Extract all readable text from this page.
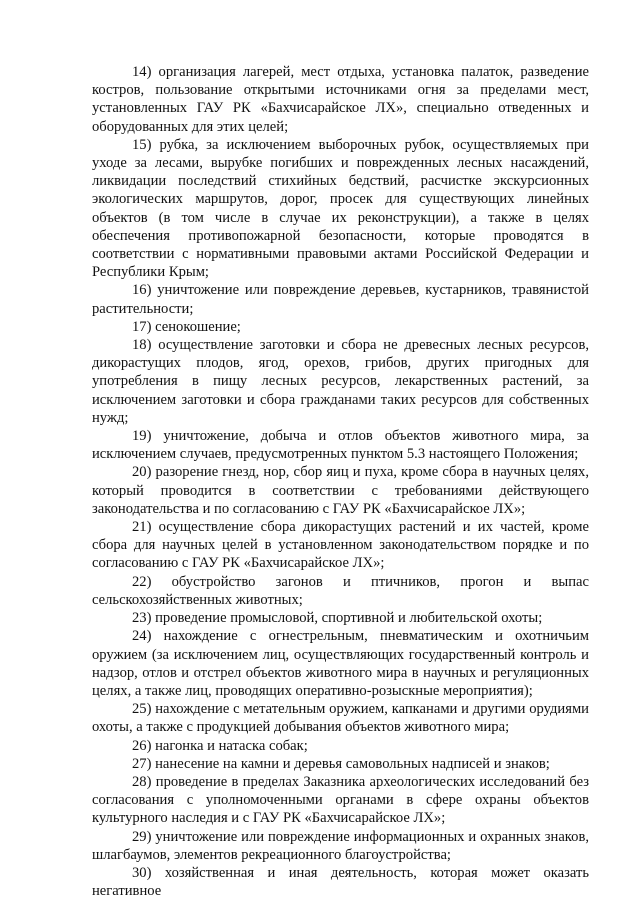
14) организация лагерей, мест отдыха, установка палаток, разведение костров, пользование открытыми источниками огня за пределами мест, установленных ГАУ РК «Бахчисарайское ЛХ», специально отведенных и оборудованных для этих целей;

15) рубка, за исключением выборочных рубок, осуществляемых при уходе за лесами, вырубке погибших и поврежденных лесных насаждений, ликвидации последствий стихийных бедствий, расчистке экскурсионных экологических маршрутов, дорог, просек для существующих линейных объектов (в том числе в случае их реконструкции), а также в целях обеспечения противопожарной безопасности, которые проводятся в соответствии с нормативными правовыми актами Российской Федерации и Республики Крым;

16) уничтожение или повреждение деревьев, кустарников, травянистой растительности;

17) сенокошение;

18) осуществление заготовки и сбора не древесных лесных ресурсов, дикорастущих плодов, ягод, орехов, грибов, других пригодных для употребления в пищу лесных ресурсов, лекарственных растений, за исключением заготовки и сбора гражданами таких ресурсов для собственных нужд;

19) уничтожение, добыча и отлов объектов животного мира, за исключением случаев, предусмотренных пунктом 5.3 настоящего Положения;

20) разорение гнезд, нор, сбор яиц и пуха, кроме сбора в научных целях, который проводится в соответствии с требованиями действующего законодательства и по согласованию с ГАУ РК «Бахчисарайское ЛХ»;

21) осуществление сбора дикорастущих растений и их частей, кроме сбора для научных целей в установленном законодательством порядке и по согласованию с ГАУ РК «Бахчисарайское ЛХ»;

22) обустройство загонов и птичников, прогон и выпас сельскохозяйственных животных;

23) проведение промысловой, спортивной и любительской охоты;

24) нахождение с огнестрельным, пневматическим и охотничьим оружием (за исключением лиц, осуществляющих государственный контроль и надзор, отлов и отстрел объектов животного мира в научных и регуляционных целях, а также лиц, проводящих оперативно-розыскные мероприятия);

25) нахождение с метательным оружием, капканами и другими орудиями охоты, а также с продукцией добывания объектов животного мира;

26) нагонка и натаска собак;

27) нанесение на камни и деревья самовольных надписей и знаков;

28) проведение в пределах Заказника археологических исследований без согласования с уполномоченными органами в сфере охраны объектов культурного наследия и с ГАУ РК «Бахчисарайское ЛХ»;

29) уничтожение или повреждение информационных и охранных знаков, шлагбаумов, элементов рекреационного благоустройства;

30) хозяйственная и иная деятельность, которая может оказать негативное
